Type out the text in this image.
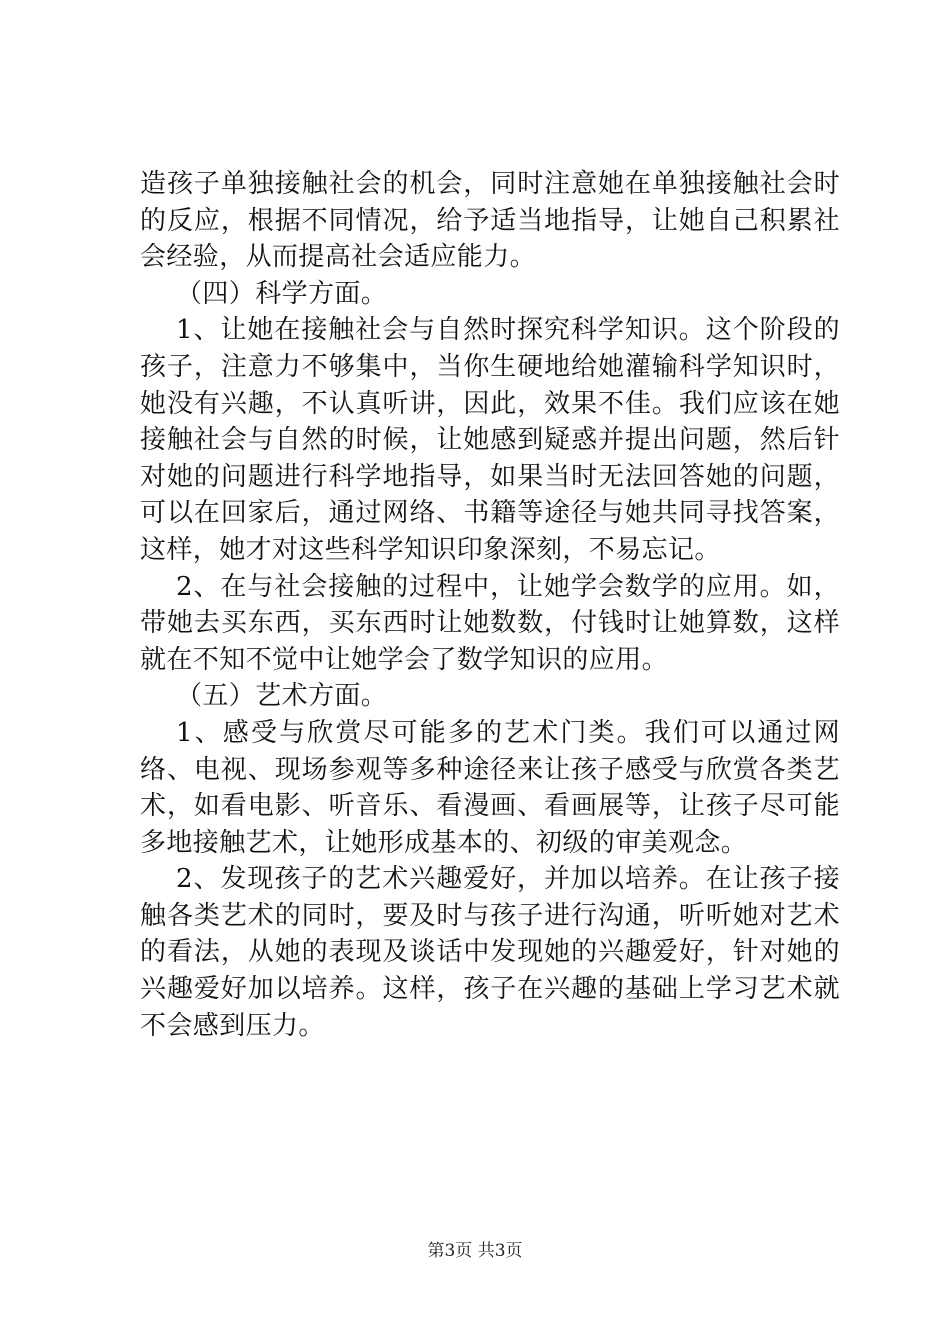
造孩子单独接触社会的机会，同时注意她在单独接触社会时的反应，根据不同情况，给予适当地指导，让她自己积累社会经验，从而提高社会适应能力。

（四）科学方面。

1、让她在接触社会与自然时探究科学知识。这个阶段的孩子，注意力不够集中，当你生硬地给她灌输科学知识时，她没有兴趣，不认真听讲，因此，效果不佳。我们应该在她接触社会与自然的时候，让她感到疑惑并提出问题，然后针对她的问题进行科学地指导，如果当时无法回答她的问题，可以在回家后，通过网络、书籍等途径与她共同寻找答案，这样，她才对这些科学知识印象深刻，不易忘记。

2、在与社会接触的过程中，让她学会数学的应用。如，带她去买东西，买东西时让她数数，付钱时让她算数，这样就在不知不觉中让她学会了数学知识的应用。

（五）艺术方面。

1、感受与欣赏尽可能多的艺术门类。我们可以通过网络、电视、现场参观等多种途径来让孩子感受与欣赏各类艺术，如看电影、听音乐、看漫画、看画展等，让孩子尽可能多地接触艺术，让她形成基本的、初级的审美观念。

2、发现孩子的艺术兴趣爱好，并加以培养。在让孩子接触各类艺术的同时，要及时与孩子进行沟通，听听她对艺术的看法，从她的表现及谈话中发现她的兴趣爱好，针对她的兴趣爱好加以培养。这样，孩子在兴趣的基础上学习艺术就不会感到压力。

第3页 共3页
